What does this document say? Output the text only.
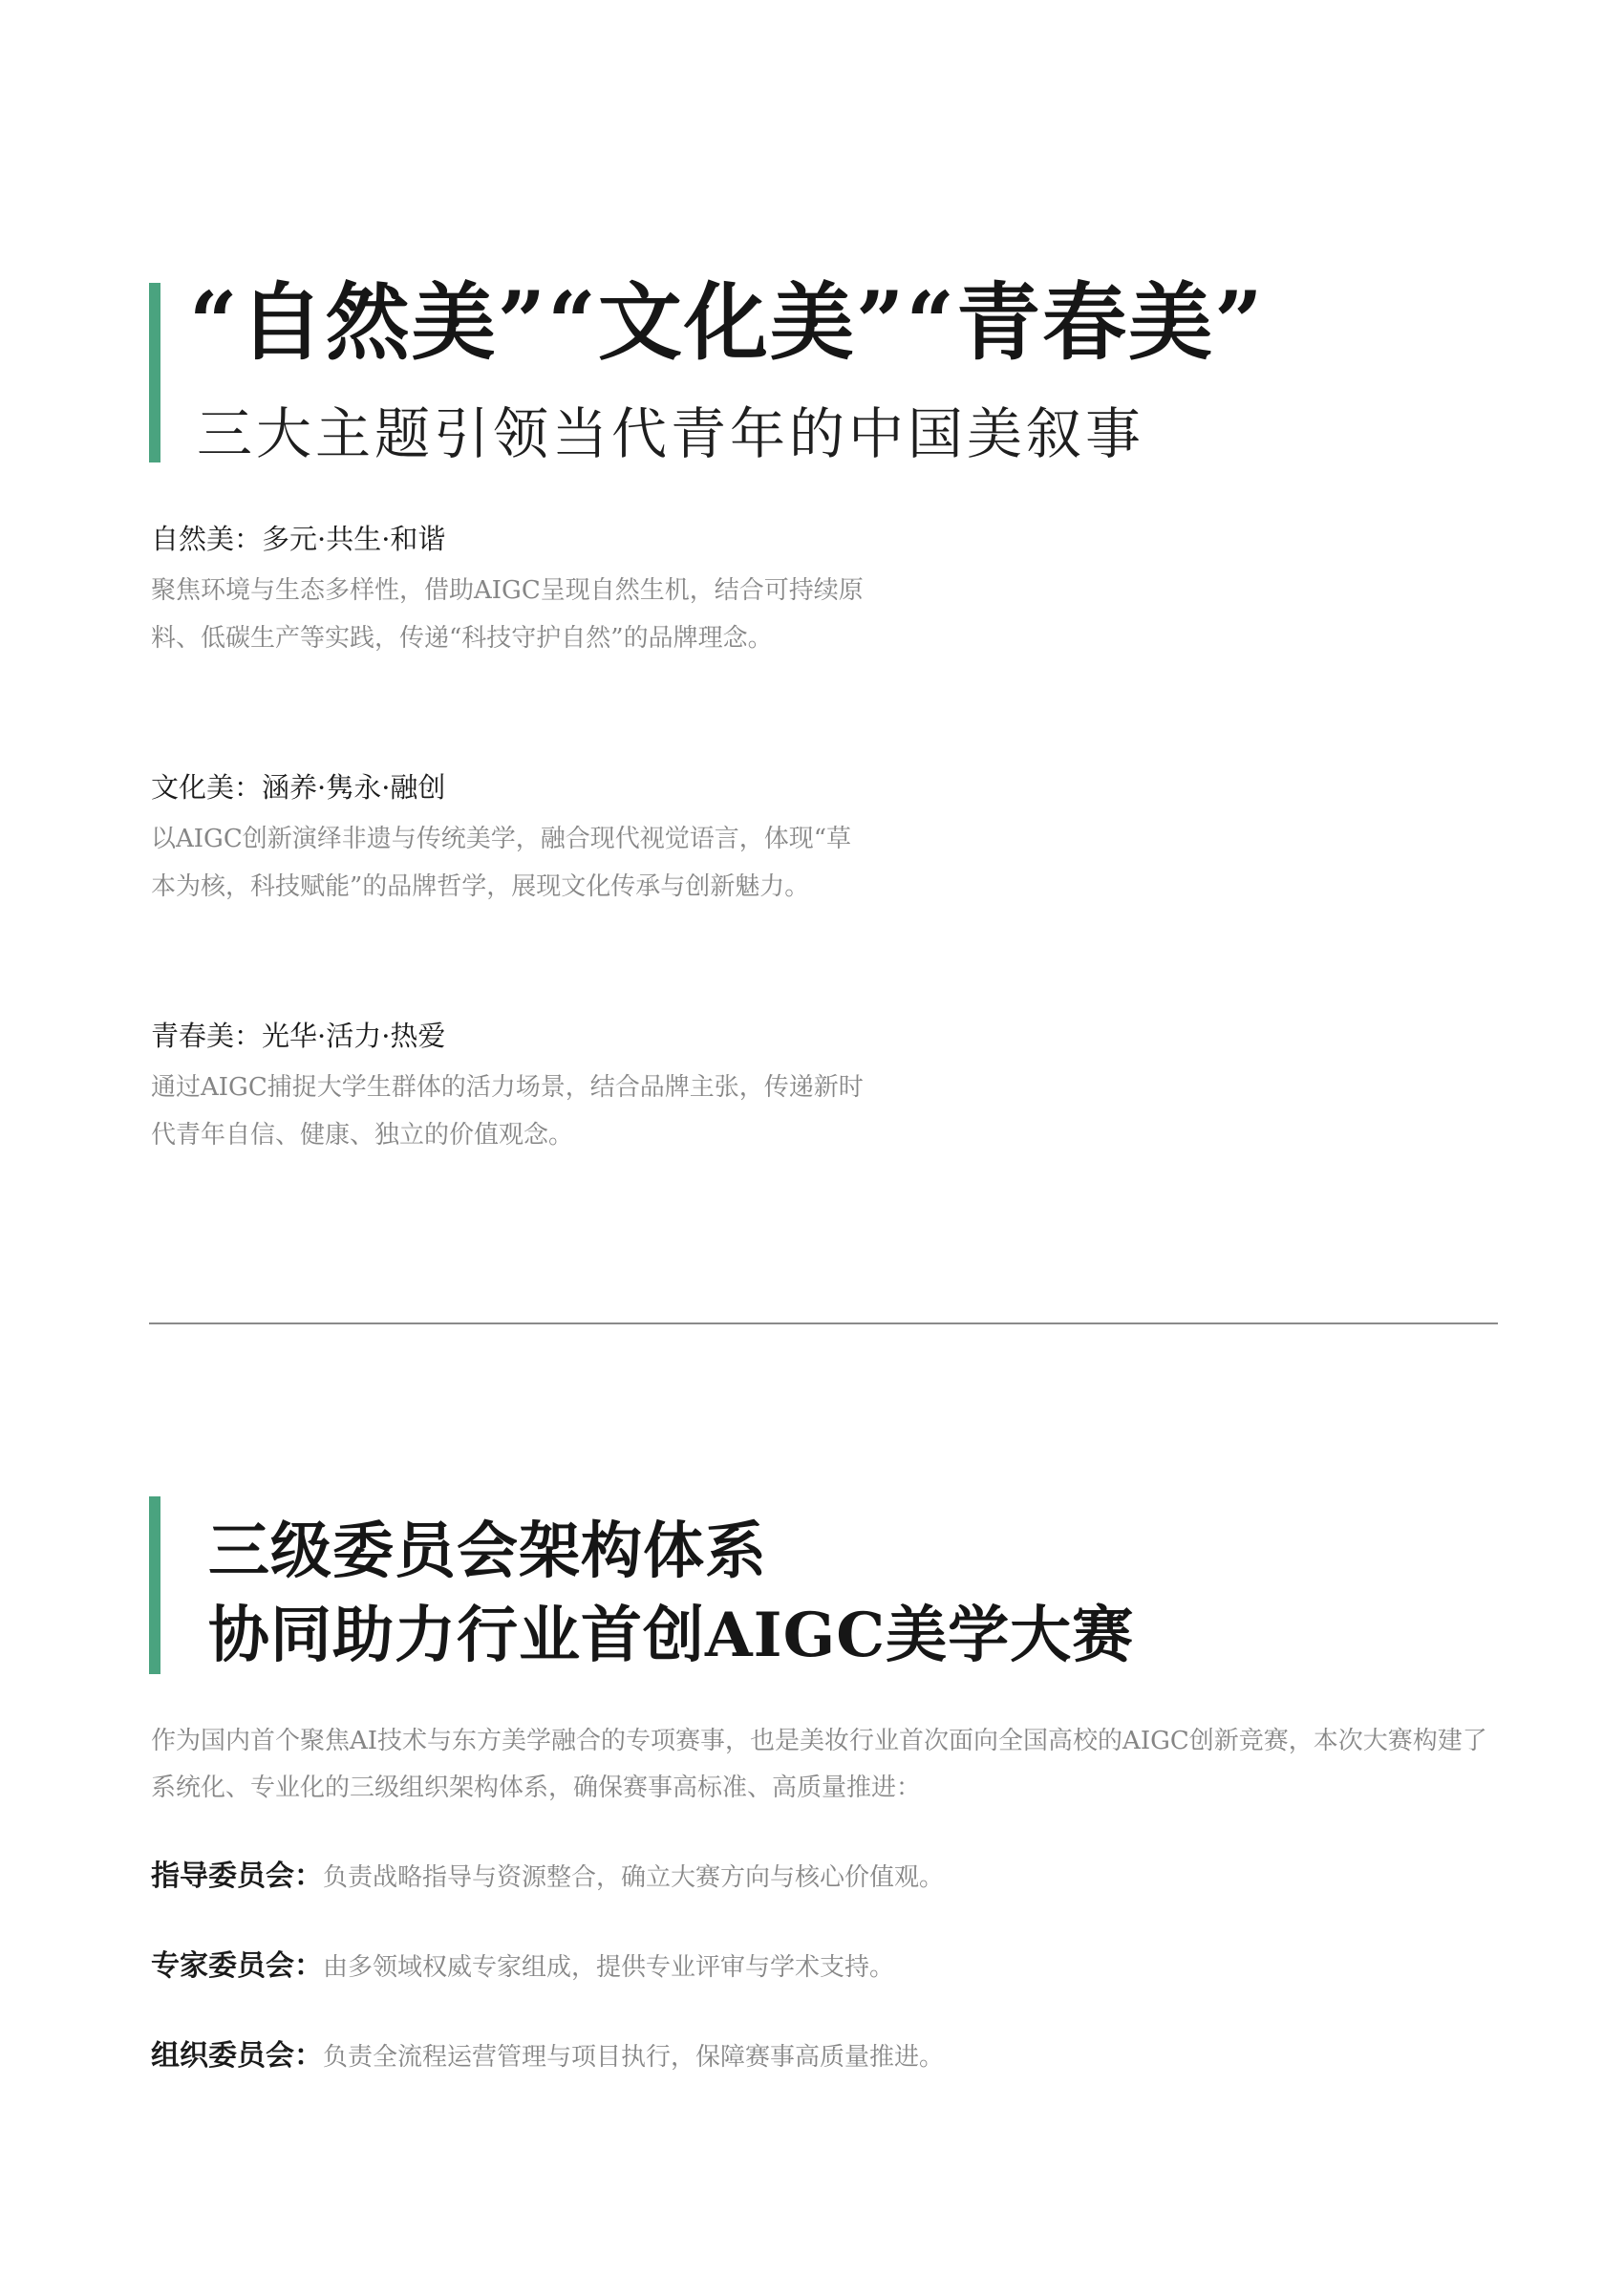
“自然美”“文化美”“青春美”
三大主题引领当代青年的中国美叙事
自然美：多元·共生·和谐
聚焦环境与生态多样性，借助AIGC呈现自然生机，结合可持续原料、低碳生产等实践，传递“科技守护自然”的品牌理念。
文化美：涵养·隽永·融创
以AIGC创新演绎非遗与传统美学，融合现代视觉语言，体现“草本为核，科技赋能”的品牌哲学，展现文化传承与创新魅力。
青春美：光华·活力·热爱
通过AIGC捕捉大学生群体的活力场景，结合品牌主张，传递新时代青年自信、健康、独立的价值观念。
三级委员会架构体系
协同助力行业首创AIGC美学大赛
作为国内首个聚焦AI技术与东方美学融合的专项赛事，也是美妆行业首次面向全国高校的AIGC创新竞赛，本次大赛构建了系统化、专业化的三级组织架构体系，确保赛事高标准、高质量推进：
指导委员会：负责战略指导与资源整合，确立大赛方向与核心价值观。
专家委员会：由多领域权威专家组成，提供专业评审与学术支持。
组织委员会：负责全流程运营管理与项目执行，保障赛事高质量推进。
